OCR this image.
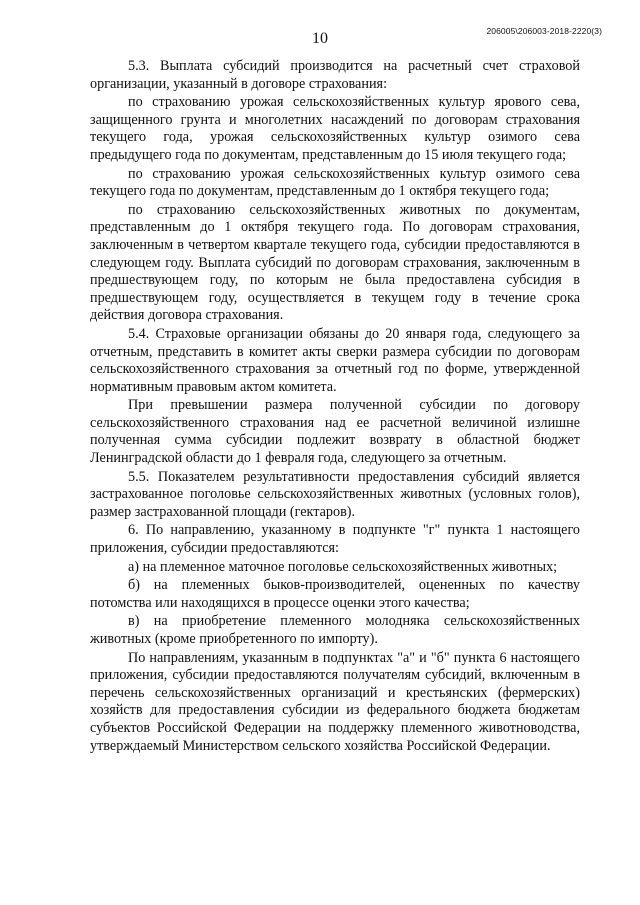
10	206005\206003-2018-2220(3)

5.3. Выплата субсидий производится на расчетный счет страховой организации, указанный в договоре страхования:

по страхованию урожая сельскохозяйственных культур ярового сева, защищенного грунта и многолетних насаждений по договорам страхования текущего года, урожая сельскохозяйственных культур озимого сева предыдущего года по документам, представленным до 15 июля текущего года;

по страхованию урожая сельскохозяйственных культур озимого сева текущего года по документам, представленным до 1 октября текущего года;

по страхованию сельскохозяйственных животных по документам, представленным до 1 октября текущего года. По договорам страхования, заключенным в четвертом квартале текущего года, субсидии предоставляются в следующем году. Выплата субсидий по договорам страхования, заключенным в предшествующем году, по которым не была предоставлена субсидия в предшествующем году, осуществляется в текущем году в течение срока действия договора страхования.

5.4. Страховые организации обязаны до 20 января года, следующего за отчетным, представить в комитет акты сверки размера субсидии по договорам сельскохозяйственного страхования за отчетный год по форме, утвержденной нормативным правовым актом комитета.

При превышении размера полученной субсидии по договору сельскохозяйственного страхования над ее расчетной величиной излишне полученная сумма субсидии подлежит возврату в областной бюджет Ленинградской области до 1 февраля года, следующего за отчетным.

5.5. Показателем результативности предоставления субсидий является застрахованное поголовье сельскохозяйственных животных (условных голов), размер застрахованной площади (гектаров).

6. По направлению, указанному в подпункте "г" пункта 1 настоящего приложения, субсидии предоставляются:

а) на племенное маточное поголовье сельскохозяйственных животных;

б) на племенных быков-производителей, оцененных по качеству потомства или находящихся в процессе оценки этого качества;

в) на приобретение племенного молодняка сельскохозяйственных животных (кроме приобретенного по импорту).

По направлениям, указанным в подпунктах "а" и "б" пункта 6 настоящего приложения, субсидии предоставляются получателям субсидий, включенным в перечень сельскохозяйственных организаций и крестьянских (фермерских) хозяйств для предоставления субсидии из федерального бюджета бюджетам субъектов Российской Федерации на поддержку племенного животноводства, утверждаемый Министерством сельского хозяйства Российской Федерации.
